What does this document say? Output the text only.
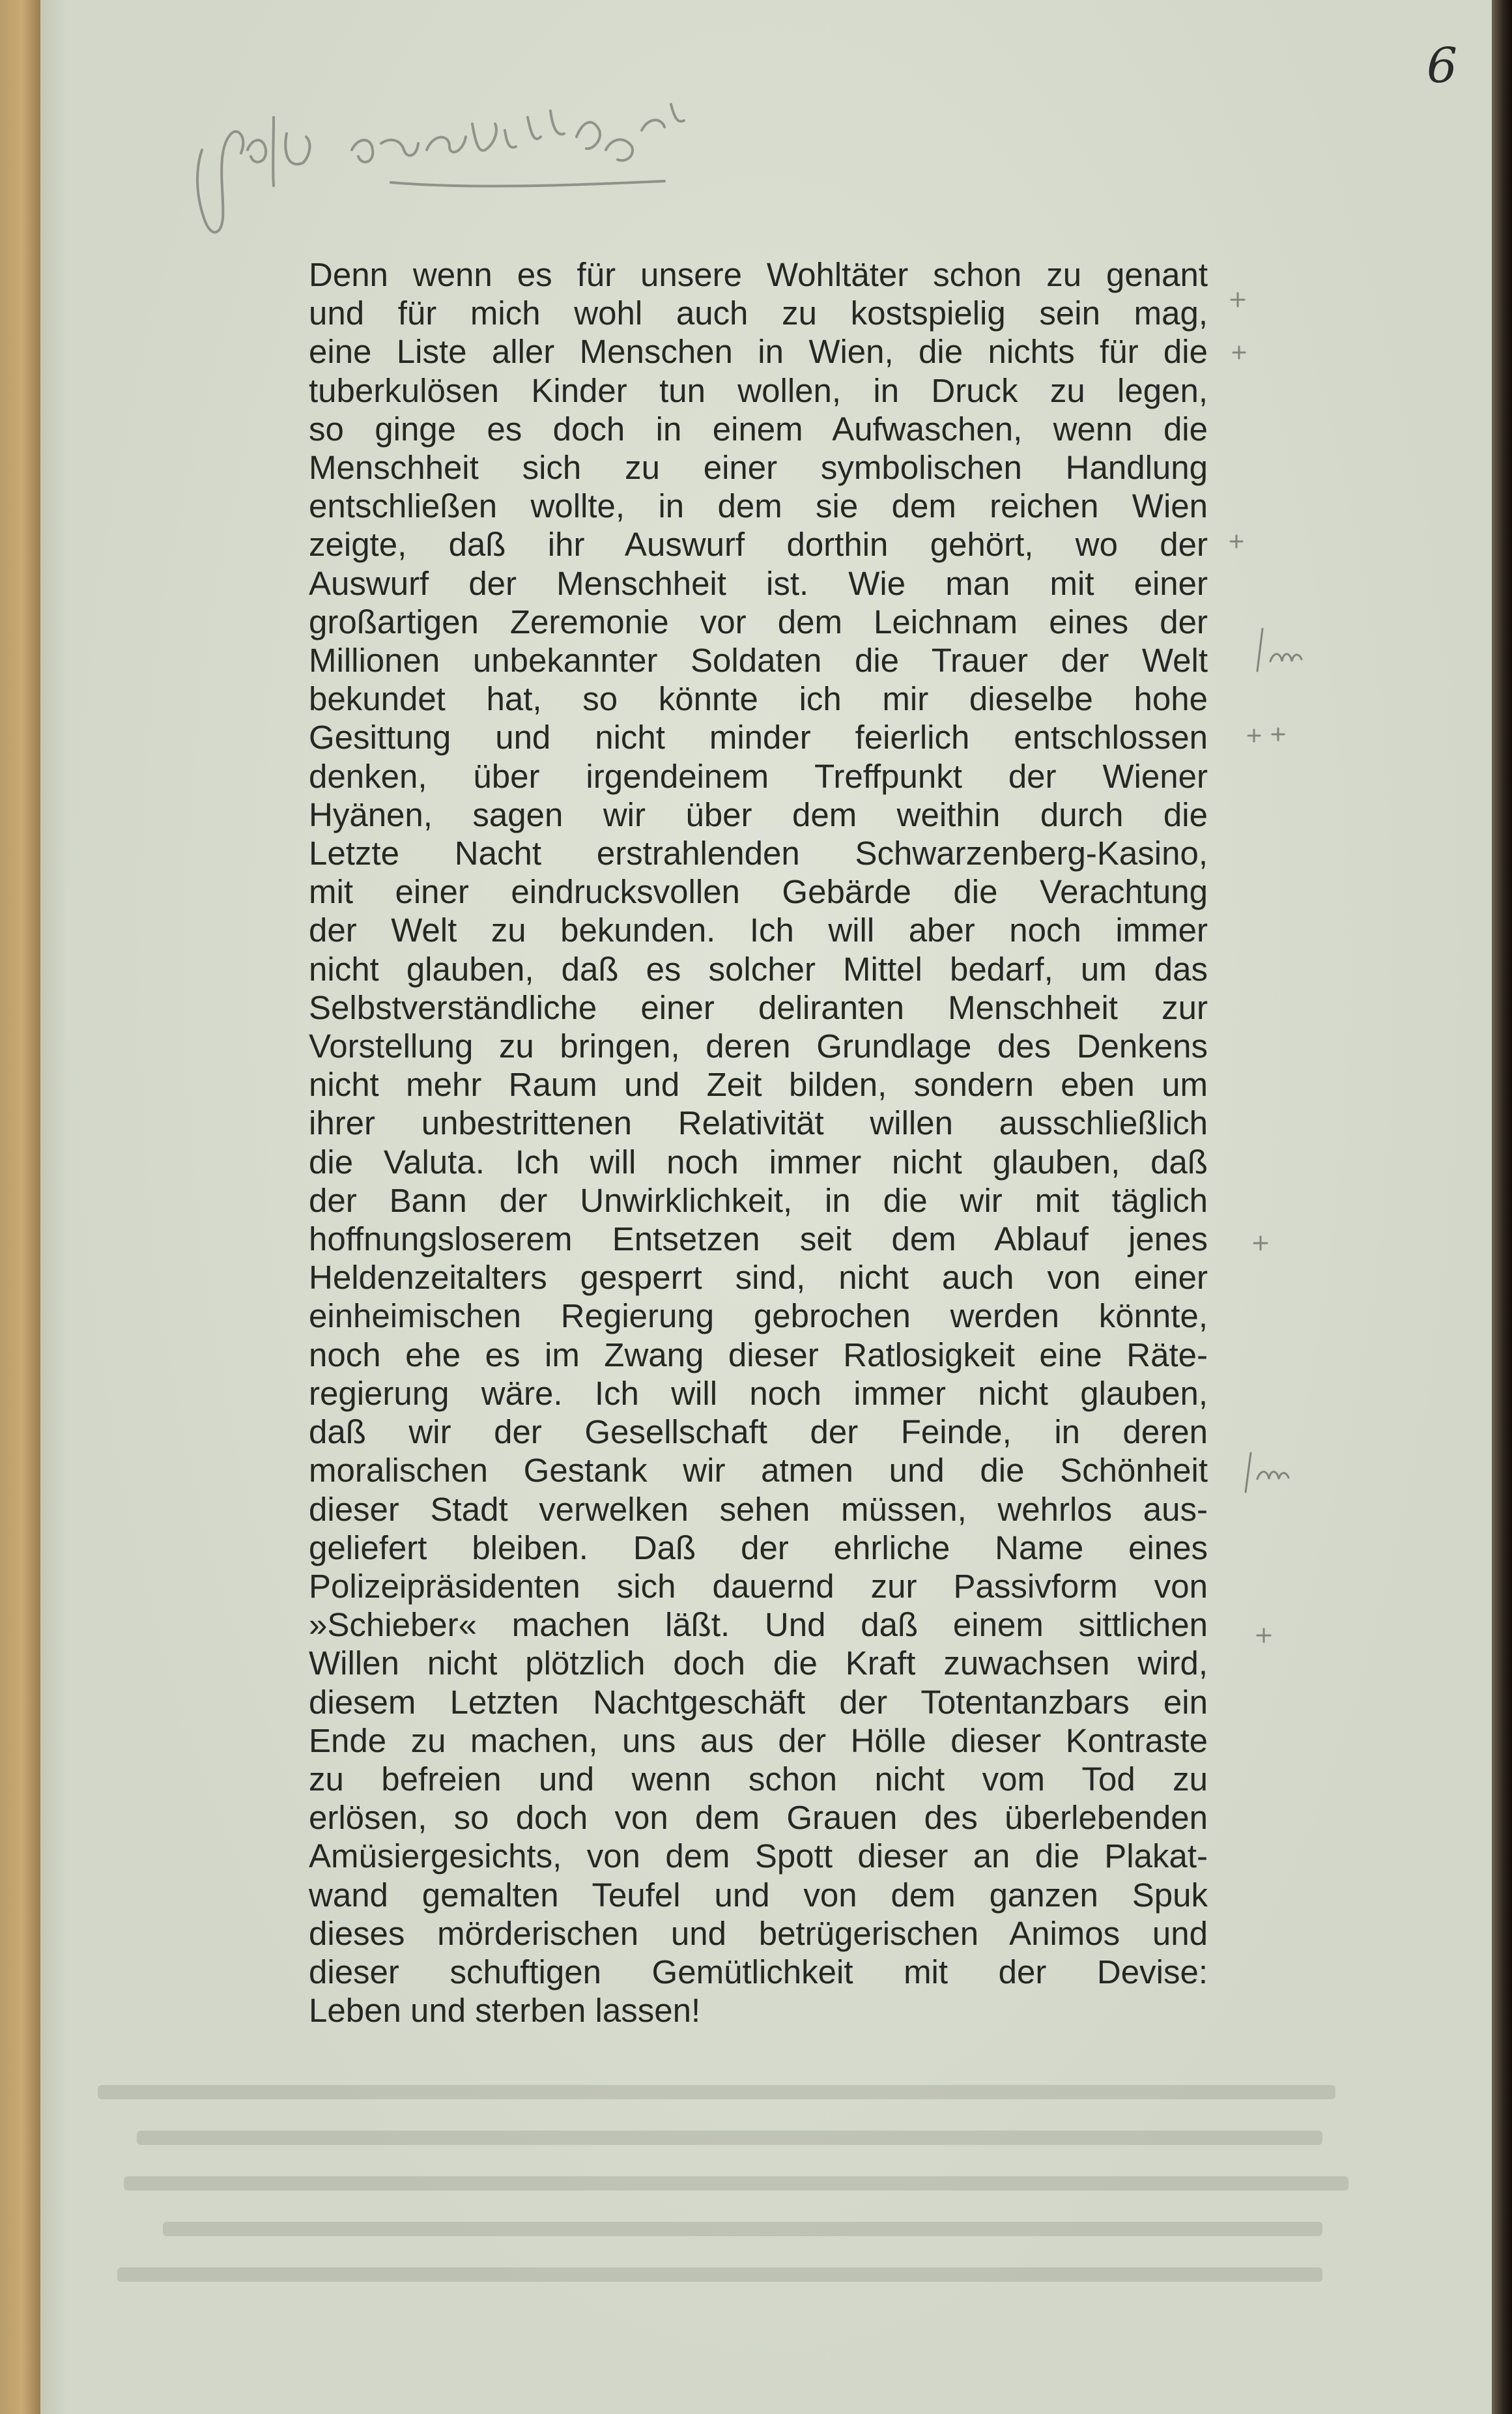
6
Denn wenn es für unsere Wohltäter schon zu genant
und für mich wohl auch zu kostspielig sein mag,
eine Liste aller Menschen in Wien, die nichts für die
tuberkulösen Kinder tun wollen, in Druck zu legen,
so ginge es doch in einem Aufwaschen, wenn die
Menschheit sich zu einer symbolischen Handlung
entschließen wollte, in dem sie dem reichen Wien
zeigte, daß ihr Auswurf dorthin gehört, wo der
Auswurf der Menschheit ist. Wie man mit einer
großartigen Zeremonie vor dem Leichnam eines der
Millionen unbekannter Soldaten die Trauer der Welt
bekundet hat, so könnte ich mir dieselbe hohe
Gesittung und nicht minder feierlich entschlossen
denken, über irgendeinem Treffpunkt der Wiener
Hyänen, sagen wir über dem weithin durch die
Letzte Nacht erstrahlenden Schwarzenberg-Kasino,
mit einer eindrucksvollen Gebärde die Verachtung
der Welt zu bekunden. Ich will aber noch immer
nicht glauben, daß es solcher Mittel bedarf, um das
Selbstverständliche einer deliranten Menschheit zur
Vorstellung zu bringen, deren Grundlage des Denkens
nicht mehr Raum und Zeit bilden, sondern eben um
ihrer unbestrittenen Relativität willen ausschließlich
die Valuta. Ich will noch immer nicht glauben, daß
der Bann der Unwirklichkeit, in die wir mit täglich
hoffnungsloserem Entsetzen seit dem Ablauf jenes
Heldenzeitalters gesperrt sind, nicht auch von einer
einheimischen Regierung gebrochen werden könnte,
noch ehe es im Zwang dieser Ratlosigkeit eine Räte-
regierung wäre. Ich will noch immer nicht glauben,
daß wir der Gesellschaft der Feinde, in deren
moralischen Gestank wir atmen und die Schönheit
dieser Stadt verwelken sehen müssen, wehrlos aus-
geliefert bleiben. Daß der ehrliche Name eines
Polizeipräsidenten sich dauernd zur Passivform von
»Schieber« machen läßt. Und daß einem sittlichen
Willen nicht plötzlich doch die Kraft zuwachsen wird,
diesem Letzten Nachtgeschäft der Totentanzbars ein
Ende zu machen, uns aus der Hölle dieser Kontraste
zu befreien und wenn schon nicht vom Tod zu
erlösen, so doch von dem Grauen des überlebenden
Amüsiergesichts, von dem Spott dieser an die Plakat-
wand gemalten Teufel und von dem ganzen Spuk
dieses mörderischen und betrügerischen Animos und
dieser schuftigen Gemütlichkeit mit der Devise:
Leben und sterben lassen!
